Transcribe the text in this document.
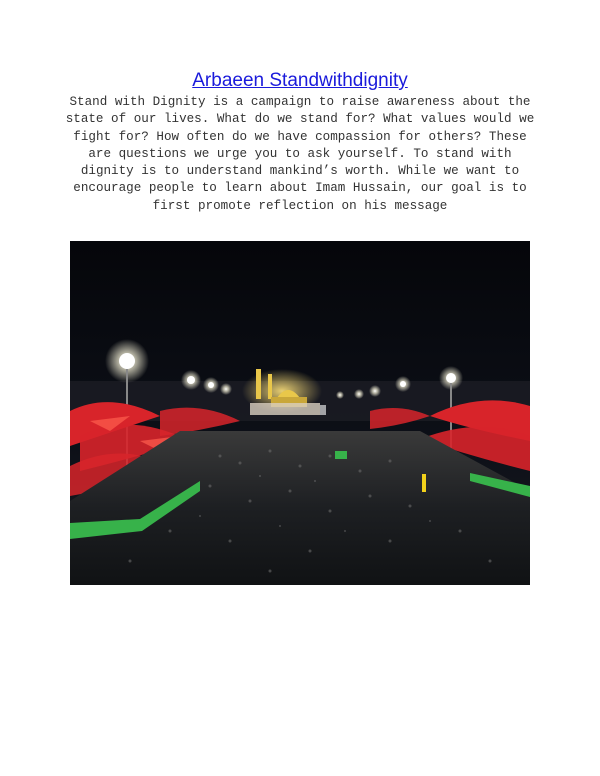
Arbaeen Standwithdignity

Stand with Dignity is a campaign to raise awareness about the state of our lives. What do we stand for? What values would we fight for? How often do we have compassion for others? These are questions we urge you to ask yourself. To stand with dignity is to understand mankind’s worth. While we want to encourage people to learn about Imam Hussain, our goal is to first promote reflection on his message
